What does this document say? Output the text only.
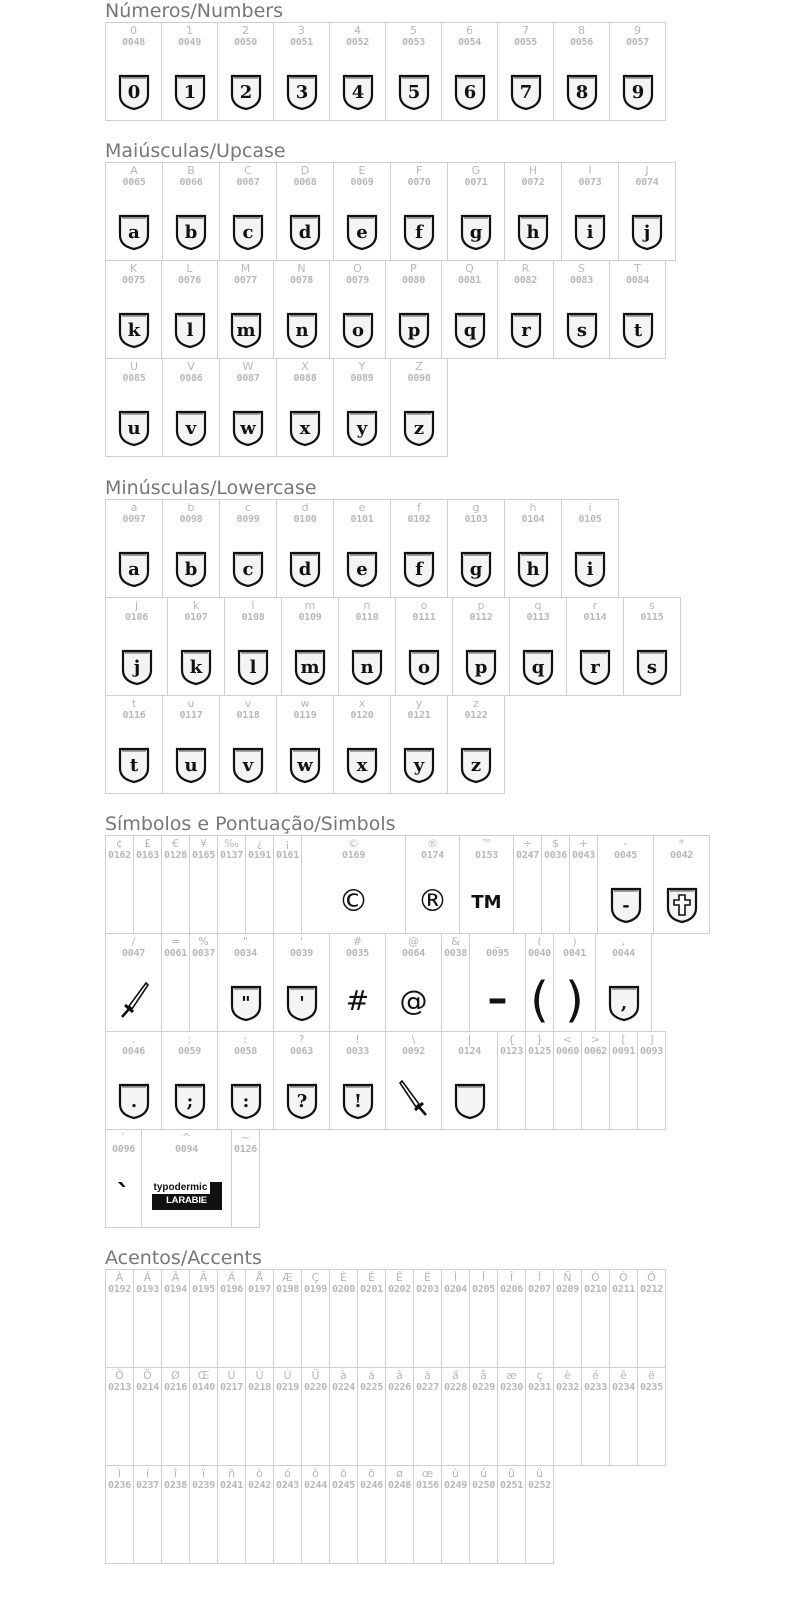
Números/Numbers
0
0048
0
1
0049
1
2
0050
2
3
0051
3
4
0052
4
5
0053
5
6
0054
6
7
0055
7
8
0056
8
9
0057
9
Maiúsculas/Upcase
A
0065
a
B
0066
b
C
0067
c
D
0068
d
E
0069
e
F
0070
f
G
0071
g
H
0072
h
I
0073
i
J
0074
j
K
0075
k
L
0076
l
M
0077
m
N
0078
n
O
0079
o
P
0080
p
Q
0081
q
R
0082
r
S
0083
s
T
0084
t
U
0085
u
V
0086
v
W
0087
w
X
0088
x
Y
0089
y
Z
0090
z
Minúsculas/Lowercase
a
0097
a
b
0098
b
c
0099
c
d
0100
d
e
0101
e
f
0102
f
g
0103
g
h
0104
h
i
0105
i
j
0106
j
k
0107
k
l
0108
l
m
0109
m
n
0110
n
o
0111
o
p
0112
p
q
0113
q
r
0114
r
s
0115
s
t
0116
t
u
0117
u
v
0118
v
w
0119
w
x
0120
x
y
0121
y
z
0122
z
Símbolos e Pontuação/Simbols
¢
0162
£
0163
€
0128
¥
0165
‰
0137
¿
0191
¡
0161
©
0169
©
®
0174
®
™
0153
TM
÷
0247
$
0036
+
0043
-
0045
-
*
0042
/
0047
=
0061
%
0037
"
0034
"
'
0039
'
#
0035
#
@
0064
@
&
0038
_
0095
–
(
0040
(
)
0041
)
,
0044
,
.
0046
.
;
0059
;
:
0058
:
?
0063
?
!
0033
!
\
0092
|
0124
{
0123
}
0125
<
0060
>
0062
[
0091
]
0093
`
0096
`
^
0094
typodermic
LARABIE FONTS
~
0126
Acentos/Accents
À
0192
Á
0193
Â
0194
Ã
0195
Ä
0196
Å
0197
Æ
0198
Ç
0199
È
0200
É
0201
Ê
0202
Ë
0203
Ì
0204
Í
0205
Î
0206
Ï
0207
Ñ
0209
Ò
0210
Ó
0211
Ô
0212
Õ
0213
Ö
0214
Ø
0216
Œ
0140
Ù
0217
Ú
0218
Û
0219
Ü
0220
à
0224
á
0225
â
0226
ã
0227
ä
0228
å
0229
æ
0230
ç
0231
è
0232
é
0233
ê
0234
ë
0235
ì
0236
í
0237
î
0238
ï
0239
ñ
0241
ò
0242
ó
0243
ô
0244
õ
0245
ö
0246
ø
0248
œ
0156
ù
0249
ú
0250
û
0251
ü
0252
